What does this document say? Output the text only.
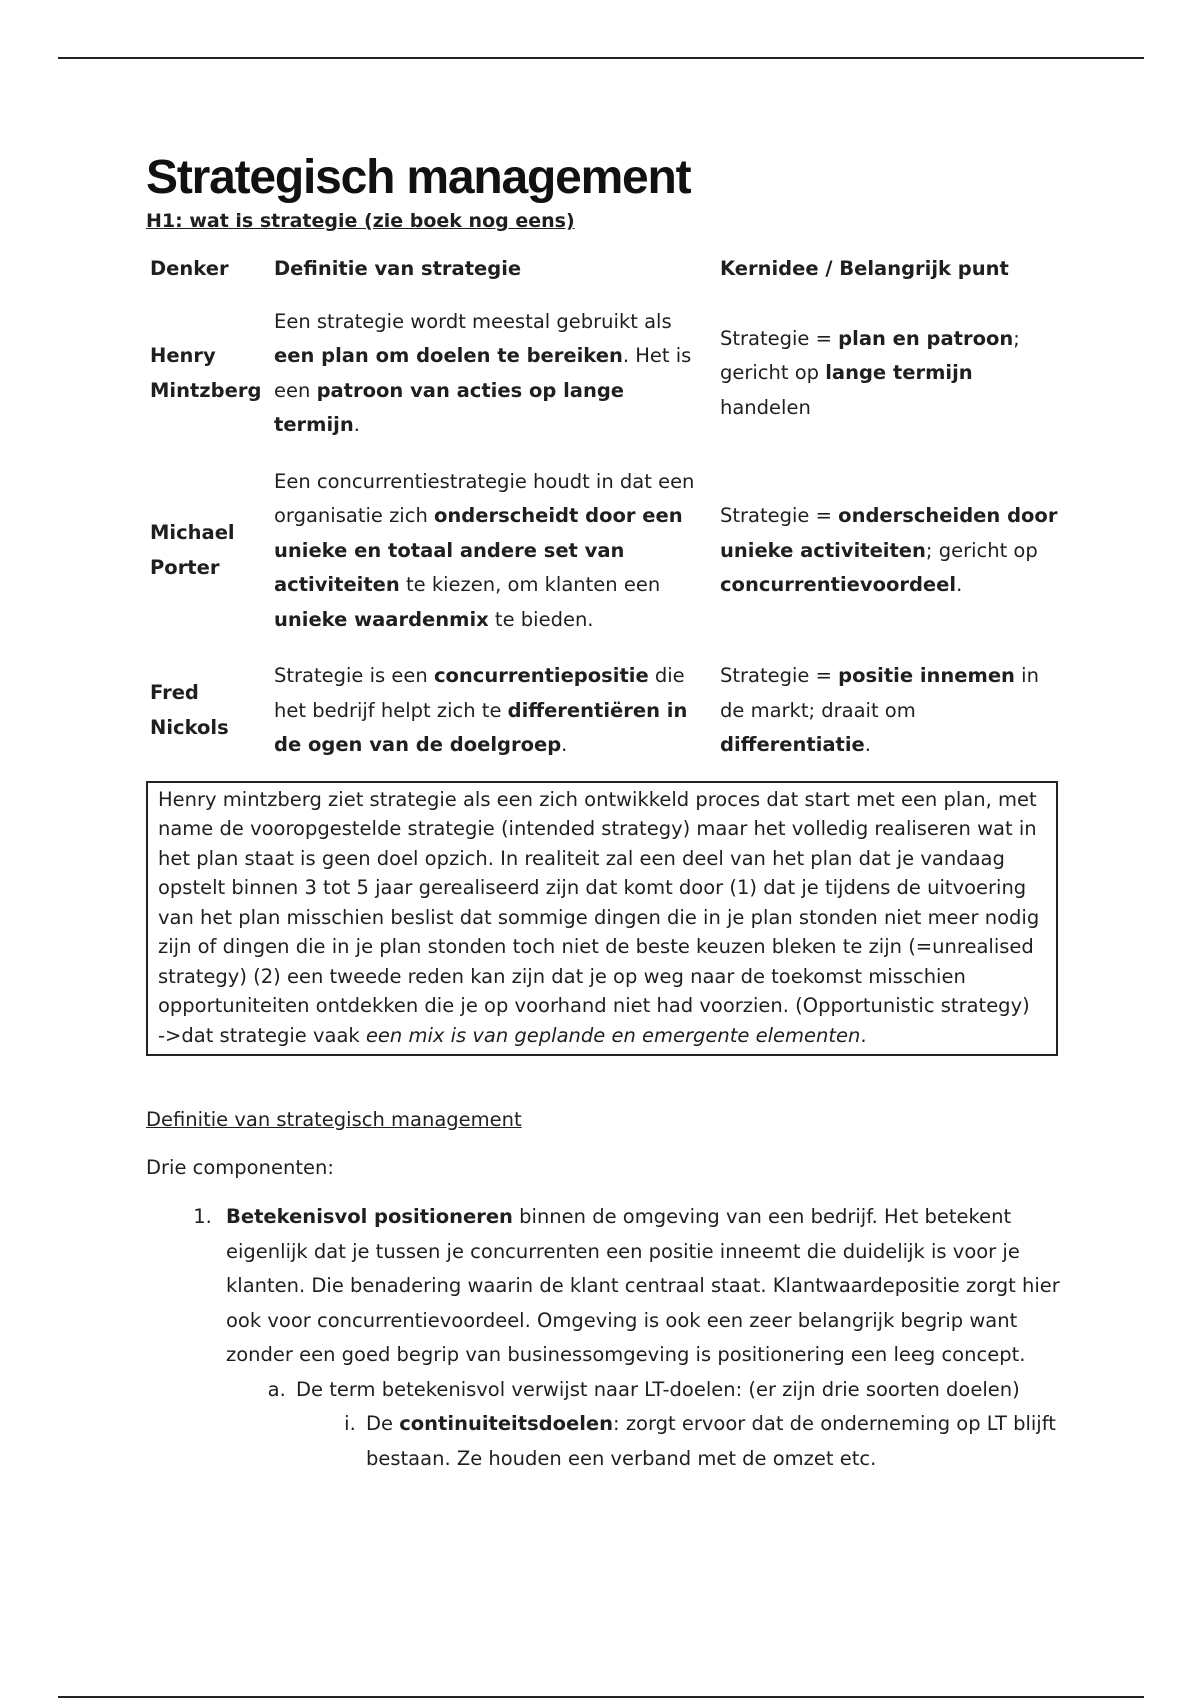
Strategisch management
H1: wat is strategie (zie boek nog eens)
Denker	Definitie van strategie	Kernidee / Belangrijk punt
Henry Mintzberg	Een strategie wordt meestal gebruikt als een plan om doelen te bereiken. Het is een patroon van acties op lange termijn.	Strategie = plan en patroon; gericht op lange termijn handelen
Michael Porter	Een concurrentiestrategie houdt in dat een organisatie zich onderscheidt door een unieke en totaal andere set van activiteiten te kiezen, om klanten een unieke waardenmix te bieden.	Strategie = onderscheiden door unieke activiteiten; gericht op concurrentievoordeel.
Fred Nickols	Strategie is een concurrentiepositie die het bedrijf helpt zich te differentiëren in de ogen van de doelgroep.	Strategie = positie innemen in de markt; draait om differentiatie.
Henry mintzberg ziet strategie als een zich ontwikkeld proces dat start met een plan, met name de vooropgestelde strategie (intended strategy) maar het volledig realiseren wat in het plan staat is geen doel opzich. In realiteit zal een deel van het plan dat je vandaag opstelt binnen 3 tot 5 jaar gerealiseerd zijn dat komt door (1) dat je tijdens de uitvoering van het plan misschien beslist dat sommige dingen die in je plan stonden niet meer nodig zijn of dingen die in je plan stonden toch niet de beste keuzen bleken te zijn (=unrealised strategy) (2) een tweede reden kan zijn dat je op weg naar de toekomst misschien opportuniteiten ontdekken die je op voorhand niet had voorzien. (Opportunistic strategy)
->dat strategie vaak een mix is van geplande en emergente elementen.
Definitie van strategisch management
Drie componenten:
1. Betekenisvol positioneren binnen de omgeving van een bedrijf. Het betekent eigenlijk dat je tussen je concurrenten een positie inneemt die duidelijk is voor je klanten. Die benadering waarin de klant centraal staat. Klantwaardepositie zorgt hier ook voor concurrentievoordeel. Omgeving is ook een zeer belangrijk begrip want zonder een goed begrip van businessomgeving is positionering een leeg concept.
a. De term betekenisvol verwijst naar LT-doelen: (er zijn drie soorten doelen)
i. De continuiteitsdoelen: zorgt ervoor dat de onderneming op LT blijft bestaan. Ze houden een verband met de omzet etc.
